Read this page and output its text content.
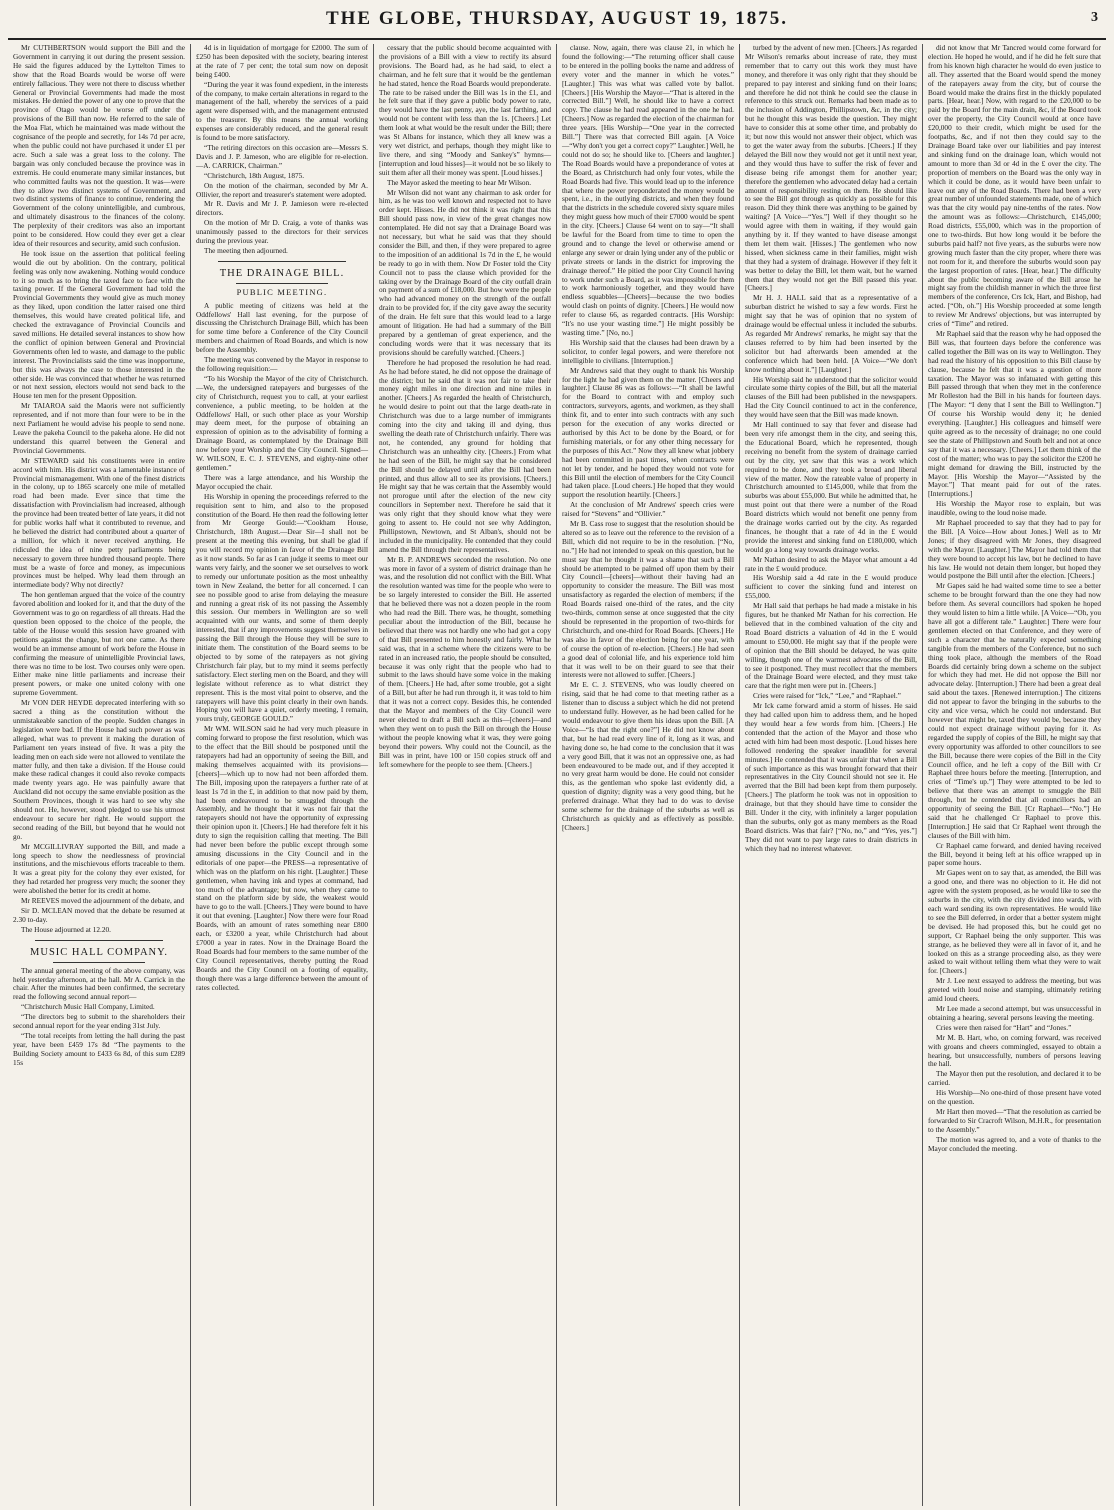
THE GLOBE, THURSDAY, AUGUST 19, 1875.	3

Mr CUTHBERTSON would support the Bill and the Government in carrying it out during the present session. He said the figures adduced by the Lyttelton Times to show that the Road Boards would be worse off were entirely fallacious. They were not there to discuss whether General or Provincial Governments had made the most mistakes. He denied the power of any one to prove that the province of Otago would be worse off under the provisions of the Bill than now. He referred to the sale of the Moa Flat, which he maintained was made without the cognisance of the people and secretly, for 14s 7d per acre, when the public could not have purchased it under £1 per acre. Such a sale was a great loss to the colony. The bargain was only concluded because the province was in extremis. He could enumerate many similar instances, but who committed faults was not the question. It was—were they to allow two distinct systems of Government, and two distinct systems of finance to continue, rendering the Government of the colony unintelligible, and cumbrous, and ultimately disastrous to the finances of the colony. The perplexity of their creditors was also an important point to be considered. How could they ever get a clear idea of their resources and security, amid such confusion.

He took issue on the assertion that political feeling would die out by abolition. On the contrary, political feeling was only now awakening. Nothing would conduce to it so much as to bring the taxed face to face with the taxing power. If the General Government had told the Provincial Governments they would give as much money as they liked, upon condition the latter raised one third themselves, this would have created political life, and checked the extravagance of Provincial Councils and saved millions. He detailed several instances to show how the conflict of opinion between General and Provincial Governments often led to waste, and damage to the public interest. The Provincialists said the time was inopportune, but this was always the case to those interested in the other side. He was convinced that whether he was returned or not next session, electors would not send back to the House ten men for the present Opposition.

Mr TAIAROA said the Maoris were not sufficiently represented, and if not more than four were to be in the next Parliament he would advise his people to send none. Leave the pakeha Council to the pakeha alone. He did not understand this quarrel between the General and Provincial Governments.

Mr STEWARD said his constituents were in entire accord with him. His district was a lamentable instance of Provincial mismanagement. With one of the finest districts in the colony, up to 1865 scarcely one mile of metalled road had been made. Ever since that time the dissatisfaction with Provincialism had increased, although the province had been treated better of late years, it did not for public works half what it contributed to revenue, and he believed the district had contributed about a quarter of a million, for which it never received anything. He ridiculed the idea of nine petty parliaments being necessary to govern three hundred thousand people. There must be a waste of force and money, as impecunious provinces must be helped. Why lead them through an intermediate body? Why not directly?

The hon gentleman argued that the voice of the country favored abolition and looked for it, and that the duty of the Government was to go on regardless of all threats. Had the question been opposed to the choice of the people, the table of the House would this session have groaned with petitions against the change, but not one came. As there would be an immense amount of work before the House in confirming the measure of unintelligible Provincial laws, there was no time to be lost. Two courses only were open. Either make nine little parliaments and increase their present powers, or make one united colony with one supreme Government.

Mr VON DER HEYDE deprecated interfering with so sacred a thing as the constitution without the unmistakeable sanction of the people. Sudden changes in legislation were bad. If the House had such power as was alleged, what was to prevent it making the duration of Parliament ten years instead of five. It was a pity the leading men on each side were not allowed to ventilate the matter fully, and then take a division. If the House could make these radical changes it could also revoke compacts made twenty years ago. He was painfully aware that Auckland did not occupy the same enviable position as the Southern Provinces, though it was hard to see why she should not. He, however, stood pledged to use his utmost endeavour to secure her right. He would support the second reading of the Bill, but beyond that he would not go.

Mr MCGILLIVRAY supported the Bill, and made a long speech to show the needlessness of provincial institutions, and the mischievous efforts traceable to them. It was a great pity for the colony they ever existed, for they had retarded her progress very much; the sooner they were abolished the better for its credit at home.

Mr REEVES moved the adjournment of the debate, and

Sir D. MCLEAN moved that the debate be resumed at 2.30 to-day.

The House adjourned at 12.20.

MUSIC HALL COMPANY.

The annual general meeting of the above company, was held yesterday afternoon, at the hall. Mr A. Carrick in the chair. After the minutes had been confirmed, the secretary read the following second annual report—

“Christchurch Music Hall Company, Limited.

“The directors beg to submit to the shareholders their second annual report for the year ending 31st July.

“The total receipts from letting the hall during the past year, have been £459 17s 8d “The payments to the Building Society amount to £433 6s 8d, of this sum £289 15s

4d is in liquidation of mortgage for £2000. The sum of £250 has been deposited with the society, bearing interest at the rate of 7 per cent; the total sum now on deposit being £400.

“During the year it was found expedient, in the interests of the company, to make certain alterations in regard to the management of the hall, whereby the services of a paid agent were dispensed with, and the management entrusted to the treasurer. By this means the annual working expenses are considerably reduced, and the general result is found to be more satisfactory.

“The retiring directors on this occasion are—Messrs S. Davis and J. P. Jameson, who are eligible for re-election.—A. CARRICK, Chairman.”

“Christchurch, 18th August, 1875.

On the motion of the chairman, seconded by Mr A. Ollivier, the report and treasurer's statement were adopted.

Mr R. Davis and Mr J. P. Jamieson were re-elected directors.

On the motion of Mr D. Craig, a vote of thanks was unanimously passed to the directors for their services during the previous year.

The meeting then adjourned.

THE DRAINAGE BILL.
PUBLIC MEETING.

A public meeting of citizens was held at the Oddfellows' Hall last evening, for the purpose of discussing the Christchurch Drainage Bill, which has been for some time before a Conference of the City Council members and chairmen of Road Boards, and which is now before the Assembly.

The meeting was convened by the Mayor in response to the following requisition:—

“To his Worship the Mayor of the city of Christchurch.—We, the undersigned ratepayers and burgesses of the city of Christchurch, request you to call, at your earliest convenience, a public meeting, to be holden at the Oddfellows' Hall, or such other place as your Worship may deem meet, for the purpose of obtaining an expression of opinion as to the advisability of forming a Drainage Board, as contemplated by the Drainage Bill now before your Worship and the City Council. Signed—W. WILSON, E. C. J. STEVENS, and eighty-nine other gentlemen.”

There was a large attendance, and his Worship the Mayor occupied the chair.

His Worship in opening the proceedings referred to the requisition sent to him, and also to the proposed constitution of the Board. He then read the following letter from Mr George Gould:—“Cookham House, Christchurch, 18th August.—Dear Sir—I shall not be present at the meeting this evening, but shall be glad if you will record my opinion in favor of the Drainage Bill as it now stands. So far as I can judge it seems to meet our wants very fairly, and the sooner we set ourselves to work to remedy our unfortunate position as the most unhealthy town in New Zealand, the better for all concerned. I can see no possible good to arise from delaying the measure and running a great risk of its not passing the Assembly this session. Our members in Wellington are so well acquainted with our wants, and some of them deeply interested, that if any improvements suggest themselves in passing the Bill through the House they will be sure to initiate them. The constitution of the Board seems to be objected to by some of the ratepayers as not giving Christchurch fair play, but to my mind it seems perfectly satisfactory. Elect sterling men on the Board, and they will legislate without reference as to what district they represent. This is the most vital point to observe, and the ratepayers will have this point clearly in their own hands. Hoping you will have a quiet, orderly meeting, I remain, yours truly, GEORGE GOULD.”

Mr WM. WILSON said he had very much pleasure in coming forward to propose the first resolution, which was to the effect that the Bill should be postponed until the ratepayers had had an opportunity of seeing the Bill, and making themselves acquainted with its provisions—[cheers]—which up to now had not been afforded them. The Bill, imposing upon the ratepayers a further rate of at least 1s 7d in the £, in addition to that now paid by them, had been endeavoured to be smuggled through the Assembly, and he thought that it was not fair that the ratepayers should not have the opportunity of expressing their opinion upon it. [Cheers.] He had therefore felt it his duty to sign the requisition calling that meeting. The Bill had never been before the public except through some amusing discussions in the City Council and in the editorials of one paper—the PRESS—a representative of which was on the platform on his right. [Laughter.] These gentlemen, when having ink and types at command, had too much of the advantage; but now, when they came to stand on the platform side by side, the weakest would have to go to the wall. [Cheers.] They were bound to have it out that evening. [Laughter.] Now there were four Road Boards, with an amount of rates something near £800 each, or £3200 a year, while Christchurch had about £7000 a year in rates. Now in the Drainage Board the Road Boards had four members to the same number of the City Council representatives, thereby putting the Road Boards and the City Council on a footing of equality, though there was a large difference between the amount of rates collected.

cessary that the public should become acquainted with the provisions of a Bill with a view to rectify its absurd provisions. The Board had, as he had said, to elect a chairman, and he felt sure that it would be the gentleman he had stated, hence the Road Boards would preponderate. The rate to be raised under the Bill was 1s in the £1, and he felt sure that if they gave a public body power to rate, they would have the last penny, aye, the last farthing, and would not be content with less than the 1s. [Cheers.] Let them look at what would be the result under the Bill; there was St Albans for instance, which they all knew was a very wet district, and perhaps, though they might like to live there, and sing “Moody and Sankey's” hymns—[interruption and loud hisses]—it would not be so likely to suit them after all their money was spent. [Loud hisses.]

The Mayor asked the meeting to hear Mr Wilson.

Mr Wilson did not want any chairman to ask order for him, as he was too well known and respected not to have order kept. Hisses. He did not think it was right that this Bill should pass now, in view of the great changes now contemplated. He did not say that a Drainage Board was not necessary, but what he said was that they should consider the Bill, and then, if they were prepared to agree to the imposition of an additional 1s 7d in the £, he would be ready to go in with them. Now Dr Foster told the City Council not to pass the clause which provided for the taking over by the Drainage Board of the city outfall drain on payment of a sum of £18,000. But how were the people who had advanced money on the strength of the outfall drain to be provided for, if the city gave away the security of the drain. He felt sure that this would lead to a large amount of litigation. He had had a summary of the Bill prepared by a gentleman of great experience, and the concluding words were that it was necessary that its provisions should be carefully watched. [Cheers.]

Therefore he had proposed the resolution he had read. As he had before stated, he did not oppose the drainage of the district; but he said that it was not fair to take their money eight miles in one direction and nine miles in another. [Cheers.] As regarded the health of Christchurch, he would desire to point out that the large death-rate in Christchurch was due to a large number of immigrants coming into the city and taking ill and dying, thus swelling the death rate of Christchurch unfairly. There was not, he contended, any ground for holding that Christchurch was an unhealthy city. [Cheers.] From what he had seen of the Bill, he might say that he considered the Bill should be delayed until after the Bill had been printed, and thus allow all to see its provisions. [Cheers.] He might say that he was certain that the Assembly would not prorogue until after the election of the new city councillors in September next. Therefore he said that it was only right that they should know what they were going to assent to. He could not see why Addington, Phillipstown, Newtown, and St Alban's, should not be included in the municipality. He contended that they could amend the Bill through their representatives.

Mr B. P. ANDREWS seconded the resolution. No one was more in favor of a system of district drainage than he was, and the resolution did not conflict with the Bill. What the resolution wanted was time for the people who were to be so largely interested to consider the Bill. He asserted that he believed there was not a dozen people in the room who had read the Bill. There was, he thought, something peculiar about the introduction of the Bill, because he believed that there was not hardly one who had got a copy of that Bill presented to him honestly and fairly. What he said was, that in a scheme where the citizens were to be rated in an increased ratio, the people should be consulted, because it was only right that the people who had to submit to the laws should have some voice in the making of them. [Cheers.] He had, after some trouble, got a sight of a Bill, but after he had run through it, it was told to him that it was not a correct copy. Besides this, he contended that the Mayor and members of the City Council were never elected to draft a Bill such as this—[cheers]—and when they went on to push the Bill on through the House without the people knowing what it was, they were going beyond their powers. Why could not the Council, as the Bill was in print, have 100 or 150 copies struck off and left somewhere for the people to see them. [Cheers.]

clause. Now, again, there was clause 21, in which he found the following:—“The returning officer shall cause to be entered in the polling books the name and address of every voter and the manner in which he votes.” [Laughter.] This was what was called vote by ballot. [Cheers.] [His Worship the Mayor—“That is altered in the corrected Bill.”] Well, he should like to have a correct copy. The clause he had read appeared in the one he had. [Cheers.] Now as regarded the election of the chairman for three years. [His Worship—“One year in the corrected Bill.”] There was that corrected Bill again. [A Voice—“Why don't you get a correct copy?” Laughter.] Well, he could not do so; he should like to. [Cheers and laughter.] The Road Boards would have a preponderance of votes at the Board, as Christchurch had only four votes, while the Road Boards had five. This would lead up to the inference that where the power preponderated the money would be spent, i.e., in the outlying districts, and when they found that the districts in the schedule covered sixty square miles they might guess how much of their £7000 would be spent in the city. [Cheers.] Clause 64 went on to say—“It shall be lawful for the Board from time to time to open the ground and to change the level or otherwise amend or enlarge any sewer or drain lying under any of the public or private streets or lands in the district for improving the drainage thereof.” He pitied the poor City Council having to work under such a Board, as it was impossible for them to work harmoniously together, and they would have endless squabbles—[Cheers]—because the two bodies would clash on points of dignity. [Cheers.] He would now refer to clause 66, as regarded contracts. [His Worship: “It's no use your wasting time.”] He might possibly be wasting time.” [No, no.]

His Worship said that the clauses had been drawn by a solicitor, to confer legal powers, and were therefore not intelligible to civilians. [Interruption.]

Mr Andrews said that they ought to thank his Worship for the light he had given them on the matter. [Cheers and laughter.] Clause 86 was as follows:—“It shall be lawful for the Board to contract with and employ such contractors, surveyors, agents, and workmen, as they shall think fit, and to enter into such contracts with any such person for the execution of any works directed or authorised by this Act to be done by the Board, or for furnishing materials, or for any other thing necessary for the purposes of this Act.” Now they all knew what jobbery had been committed in past times, when contracts were not let by tender, and he hoped they would not vote for this Bill until the election of members for the City Council had taken place. [Loud cheers.] He hoped that they would support the resolution heartily. [Cheers.]

At the conclusion of Mr Andrews' speech cries were raised for “Stevens” and “Ollivier.”

Mr B. Cass rose to suggest that the resolution should be altered so as to leave out the reference to the revision of a Bill, which did not require to be in the resolution. [“No, no.”] He had not intended to speak on this question, but he must say that he thought it was a shame that such a Bill should be attempted to be palmed off upon them by their City Council—[cheers]—without their having had an opportunity to consider the measure. The Bill was most unsatisfactory as regarded the election of members; if the Road Boards raised one-third of the rates, and the city two-thirds, common sense at once suggested that the city should be represented in the proportion of two-thirds for Christchurch, and one-third for Road Boards. [Cheers.] He was also in favor of the election being for one year, with of course the option of re-election. [Cheers.] He had seen a good deal of colonial life, and his experience told him that it was well to be on their guard to see that their interests were not allowed to suffer. [Cheers.]

Mr E. C. J. STEVENS, who was loudly cheered on rising, said that he had come to that meeting rather as a listener than to discuss a subject which he did not pretend to understand fully. However, as he had been called for he would endeavour to give them his ideas upon the Bill. [A Voice—“Is that the right one?”] He did not know about that, but he had read every line of it, long as it was, and having done so, he had come to the conclusion that it was a very good Bill, that it was not an oppressive one, as had been endeavoured to be made out, and if they accepted it no very great harm would be done. He could not consider this, as the gentleman who spoke last evidently did, a question of dignity; dignity was a very good thing, but he preferred drainage. What they had to do was to devise some scheme for the drainage of the suburbs as well as Christchurch as quickly and as effectively as possible. [Cheers.]

turbed by the advent of new men. [Cheers.] As regarded Mr Wilson's remarks about increase of rate, they must remember that to carry out this work they must have money, and therefore it was only right that they should be prepared to pay interest and sinking fund on their loans; and therefore he did not think he could see the clause in reference to this struck out. Remarks had been made as to the inclusion of Addington, Phillipstown, &c, in the city; but he thought this was beside the question. They might have to consider this at some other time, and probably do it; but now this would not answer their object, which was to get the water away from the suburbs. [Cheers.] If they delayed the Bill now they would not get it until next year, and they would thus have to suffer the risk of fever and disease being rife amongst them for another year; therefore the gentlemen who advocated delay had a certain amount of responsibility resting on them. He should like to see the Bill got through as quickly as possible for this reason. Did they think there was anything to be gained by waiting? [A Voice—“Yes.”] Well if they thought so he would agree with them in waiting, if they would gain anything by it. If they wanted to have disease amongst them let them wait. [Hisses.] The gentlemen who now hissed, when sickness came in their families, might wish that they had a system of drainage. However if they felt it was better to delay the Bill, let them wait, but he warned them that they would not get the Bill passed this year. [Cheers.]

Mr H. J. HALL said that as a representative of a suburban district he wished to say a few words. First he might say that he was of opinion that no system of drainage would be effectual unless it included the suburbs. As regarded Mr Andrews' remarks, he might say that the clauses referred to by him had been inserted by the solicitor but had afterwards been amended at the conference which had been held. [A Voice—“We don't know nothing about it.”] [Laughter.]

His Worship said he understood that the solicitor would circulate some thirty copies of the Bill, but all the material clauses of the Bill had been published in the newspapers. Had the City Council continued to act in the conference, they would have seen that the Bill was made known.

Mr Hall continued to say that fever and disease had been very rife amongst them in the city, and seeing this, the Educational Board, which he represented, though receiving no benefit from the system of drainage carried out by the city, yet saw that this was a work which required to be done, and they took a broad and liberal view of the matter. Now the rateable value of property in Christchurch amounted to £145,000, while that from the suburbs was about £55,000. But while he admitted that, he must point out that there were a number of the Road Board districts which would not benefit one penny from the drainage works carried out by the city. As regarded finances, he thought that a rate of 4d in the £ would provide the interest and sinking fund on £180,000, which would go a long way towards drainage works.

Mr Nathan desired to ask the Mayor what amount a 4d rate in the £ would produce.

His Worship said a 4d rate in the £ would produce sufficient to cover the sinking fund and interest on £55,000.

Mr Hall said that perhaps he had made a mistake in his figures, but he thanked Mr Nathan for his correction. He believed that in the combined valuation of the city and Road Board districts a valuation of 4d in the £ would amount to £50,000. He might say that if the people were of opinion that the Bill should be delayed, he was quite willing, though one of the warmest advocates of the Bill, to see it postponed. They must recollect that the members of the Drainage Board were elected, and they must take care that the right men were put in. [Cheers.]

Cries were raised for “Ick,” “Lee,” and “Raphael.”

Mr Ick came forward amid a storm of hisses. He said they had called upon him to address them, and he hoped they would hear a few words from him. [Cheers.] He contended that the action of the Mayor and those who acted with him had been most despotic. [Loud hisses here followed rendering the speaker inaudible for several minutes.] He contended that it was unfair that when a Bill of such importance as this was brought forward that their representatives in the City Council should not see it. He averred that the Bill had been kept from them purposely. [Cheers.] The platform he took was not in opposition to drainage, but that they should have time to consider the Bill. Under it the city, with infinitely a larger population than the suburbs, only got as many members as the Road Board districts. Was that fair? [“No, no,” and “Yes, yes.”] They did not want to pay large rates to drain districts in which they had no interest whatever.

did not know that Mr Tancred would come forward for election. He hoped he would, and if he did he felt sure that from his known high character he would do even justice to all. They asserted that the Board would spend the money of the ratepayers away from the city, but of course the Board would make the drains first in the thickly populated parts. [Hear, hear.] Now, with regard to the £20,000 to be paid by the Board for the main drain, &c, if the Board took over the property, the City Council would at once have £20,000 to their credit, which might be used for the footpaths, &c, and if not then they could say to the Drainage Board take over our liabilities and pay interest and sinking fund on the drainage loan, which would not amount to more than 3d or 4d in the £ over the city. The proportion of members on the Board was the only way in which it could be done, as it would have been unfair to leave out any of the Road Boards. There had been a very great number of unfounded statements made, one of which was that the city would pay nine-tenths of the rates. Now the amount was as follows:—Christchurch, £145,000; Road districts, £55,000, which was in the proportion of one to two-thirds. But how long would it be before the suburbs paid half? not five years, as the suburbs were now growing much faster than the city proper, where there was not room for it, and therefore the suburbs would soon pay the largest proportion of rates. [Hear, hear.] The difficulty about the public becoming aware of the Bill arose he might say from the childish manner in which the three first members of the conference, Crs Ick, Hart, and Bishop, had acted. [“Oh, oh.”] His Worship proceeded at some length to review Mr Andrews' objections, but was interrupted by cries of “Time” and retired.

Mr Raphael said that the reason why he had opposed the Bill was, that fourteen days before the conference was called together the Bill was on its way to Wellington. They had read the history of his opposition to this Bill clause by clause, because he felt that it was a question of more taxation. The Mayor was so infatuated with getting this Bill passed through that when they met in the conference Mr Rolleston had the Bill in his hands for fourteen days. [The Mayor: “I deny that I sent the Bill to Wellington.”] Of course his Worship would deny it; he denied everything. [Laughter.] His colleagues and himself were quite agreed as to the necessity of drainage; no one could see the state of Phillipstown and South belt and not at once say that it was a necessary. [Cheers.] Let them think of the cost of the matter; who was to pay the solicitor the £200 he might demand for drawing the Bill, instructed by the Mayor. [His Worship the Mayor—“Assisted by the Mayor.”] That meant paid for out of the rates. [Interruptions.]

His Worship the Mayor rose to explain, but was inaudible, owing to the loud noise made.

Mr Raphael proceeded to say that they had to pay for the Bill. [A Voice—How about Jones.] Well as to Mr Jones; if they disagreed with Mr Jones, they disagreed with the Mayor. [Laughter.] The Mayor had told them that they were bound to accept his law, but he declined to have his law. He would not detain them longer, but hoped they would postpone the Bill until after the election. [Cheers.]

Mr Gapes said he had waited some time to see a better scheme to be brought forward than the one they had now before them. As several councillors had spoken he hoped they would listen to him a little while. [A Voice—“Oh, you have all got a different tale.” Laughter.] There were four gentlemen elected on that Conference, and they were of such a character that he naturally expected something tangible from the members of the Conference, but no such thing took place, although the members of the Road Boards did certainly bring down a scheme on the subject for which they had met. He did not oppose the Bill nor advocate delay. [Interruption.] There had been a great deal said about the taxes. [Renewed interruption.] The citizens did not appear to favor the bringing in the suburbs to the city and vice versa, which he could not understand. But however that might be, taxed they would be, because they could not expect drainage without paying for it. As regarded the supply of copies of the Bill, he might say that every opportunity was afforded to other councillors to see the Bill, because there were copies of the Bill in the City Council office, and he left a copy of the Bill with Cr Raphael three hours before the meeting. [Interruption, and cries of “Time's up.”] They were attempted to be led to believe that there was an attempt to smuggle the Bill through, but he contended that all councillors had an opportunity of seeing the Bill. [Cr Raphael—“No.”] He said that he challenged Cr Raphael to prove this. [Interruption.] He said that Cr Raphael went through the clauses of the Bill with him.

Cr Raphael came forward, and denied having received the Bill, beyond it being left at his office wrapped up in paper some hours.

Mr Gapes went on to say that, as amended, the Bill was a good one, and there was no objection to it. He did not agree with the system proposed, as he would like to see the suburbs in the city, with the city divided into wards, with each ward sending its own representatives. He would like to see the Bill deferred, in order that a better system might be devised. He had proposed this, but he could get no support, Cr Raphael being the only supporter. This was strange, as he believed they were all in favor of it, and he looked on this as a strange proceeding also, as they were asked to wait without telling them what they were to wait for. [Cheers.]

Mr J. Lee next essayed to address the meeting, but was greeted with loud noise and stamping, ultimately retiring amid loud cheers.

Mr Lee made a second attempt, but was unsuccessful in obtaining a hearing, several persons leaving the meeting.

Cries were then raised for “Hart” and “Jones.”

Mr M. B. Hart, who, on coming forward, was received with groans and cheers commingled, essayed to obtain a hearing, but unsuccessfully, numbers of persons leaving the hall.

The Mayor then put the resolution, and declared it to be carried.

His Worship—No one-third of those present have voted on the question.

Mr Hart then moved—“That the resolution as carried be forwarded to Sir Cracroft Wilson, M.H.R., for presentation to the Assembly.”

The motion was agreed to, and a vote of thanks to the Mayor concluded the meeting.
